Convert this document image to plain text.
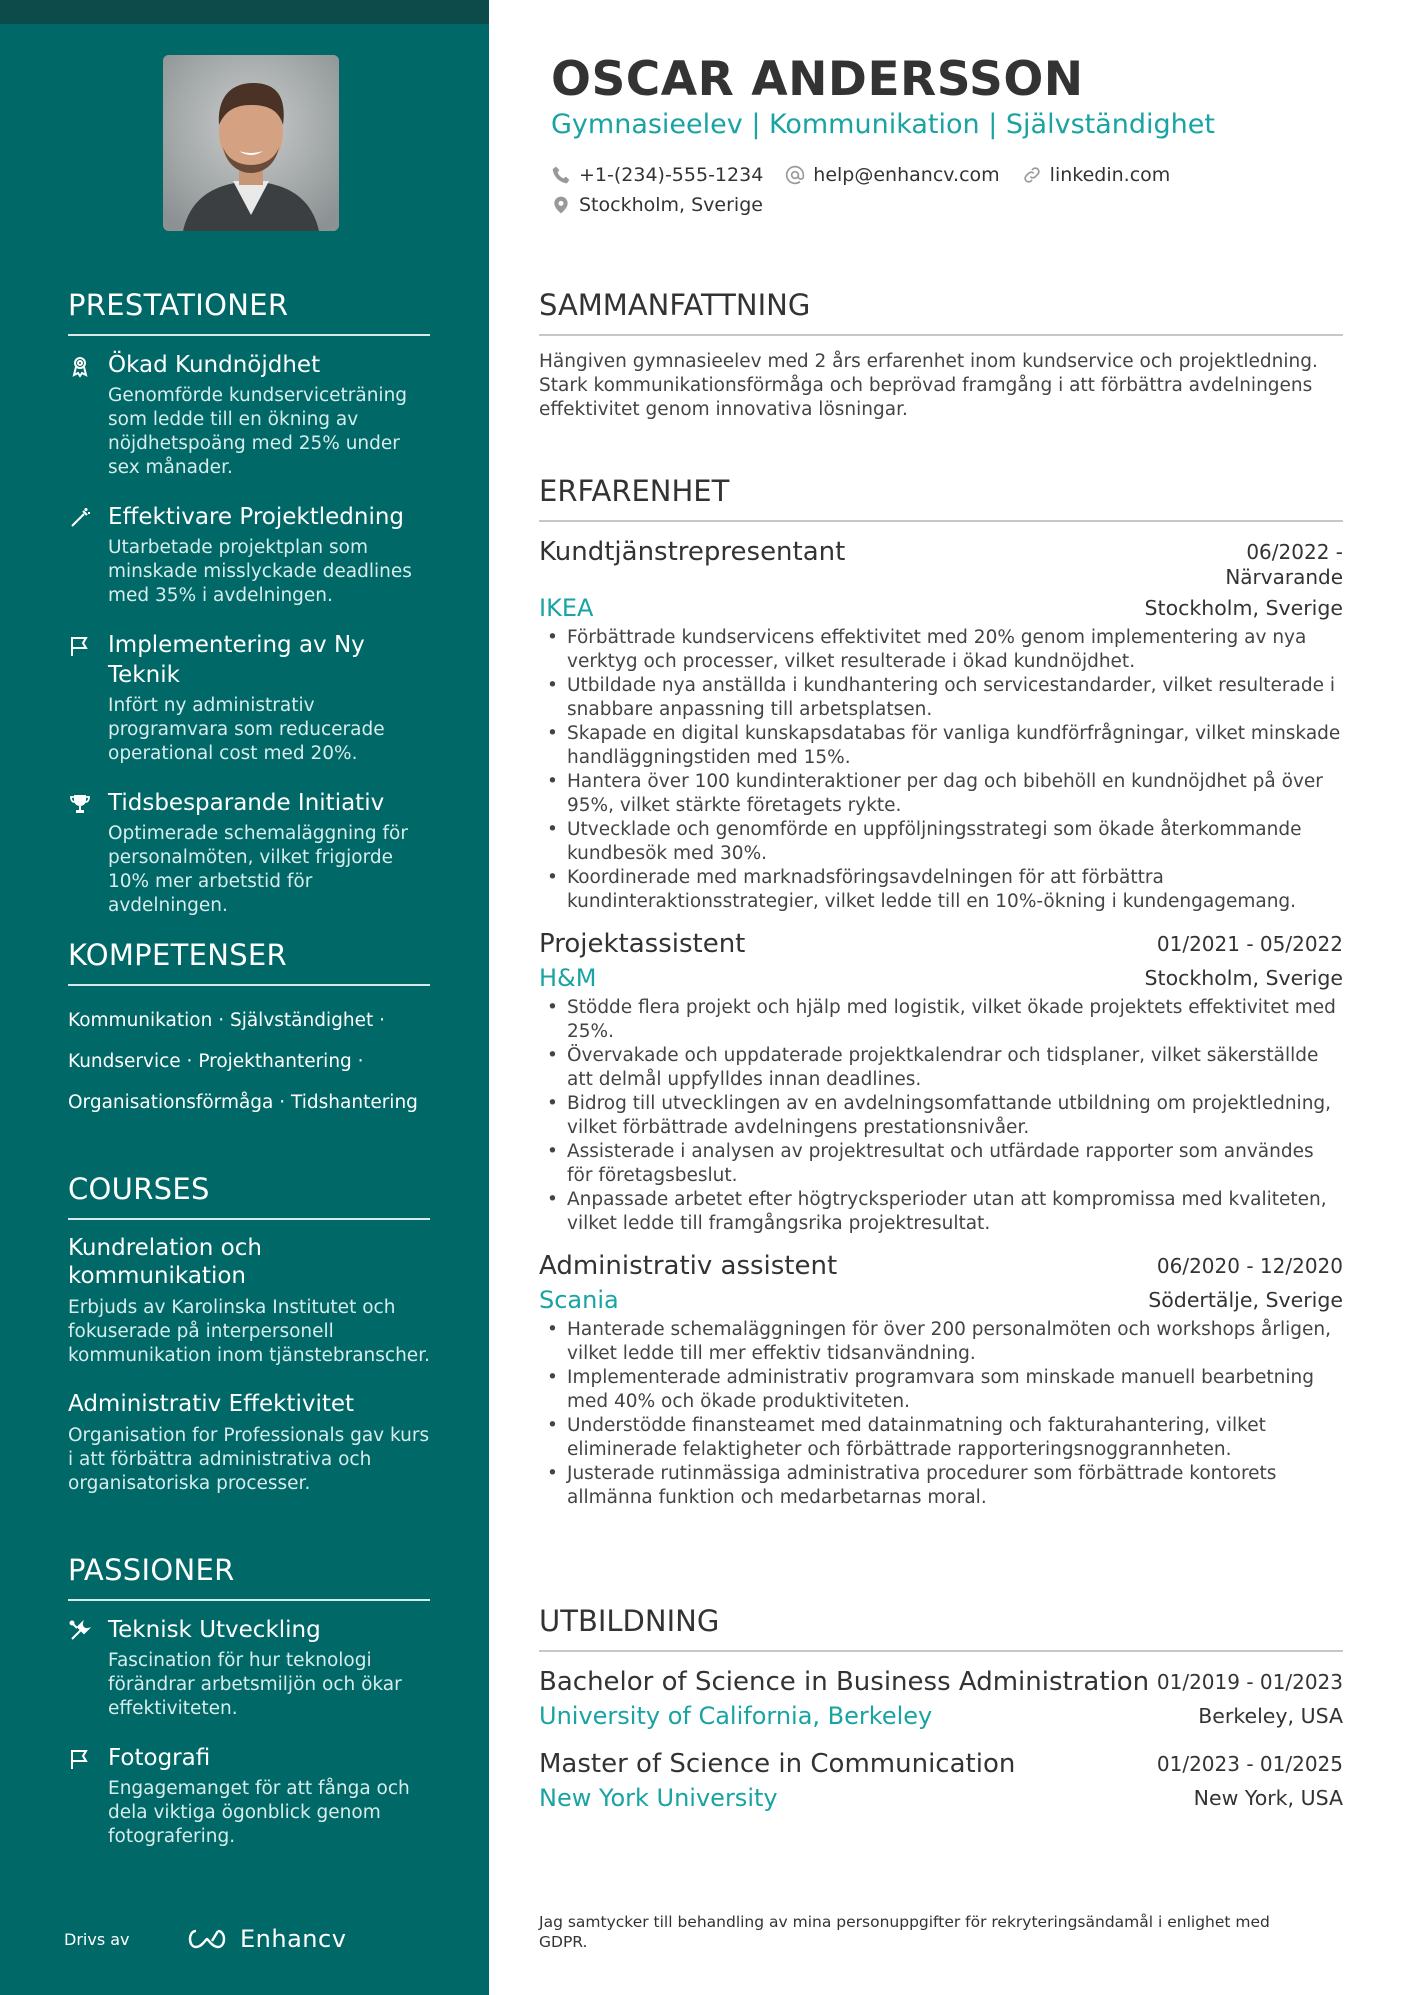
PRESTATIONER
Ökad Kundnöjdhet
Genomförde kundserviceträning som ledde till en ökning av nöjdhetspoäng med 25% under sex månader.
Effektivare Projektledning
Utarbetade projektplan som minskade misslyckade deadlines med 35% i avdelningen.
Implementering av Ny Teknik
Infört ny administrativ programvara som reducerade operational cost med 20%.
Tidsbesparande Initiativ
Optimerade schemaläggning för personalmöten, vilket frigjorde 10% mer arbetstid för avdelningen.
KOMPETENSER
Kommunikation · Självständighet ·
Kundservice · Projekthantering ·
Organisationsförmåga · Tidshantering
COURSES
Kundrelation och kommunikation
Erbjuds av Karolinska Institutet och fokuserade på interpersonell kommunikation inom tjänstebranscher.
Administrativ Effektivitet
Organisation for Professionals gav kurs i att förbättra administrativa och organisatoriska processer.
PASSIONER
Teknisk Utveckling
Fascination för hur teknologi förändrar arbetsmiljön och ökar effektiviteten.
Fotografi
Engagemanget för att fånga och dela viktiga ögonblick genom fotografering.
Drivs av	Enhancv
OSCAR ANDERSSON
Gymnasieelev | Kommunikation | Självständighet
+1-(234)-555-1234	help@enhancv.com	linkedin.com
Stockholm, Sverige
SAMMANFATTNING
Hängiven gymnasieelev med 2 års erfarenhet inom kundservice och projektledning. Stark kommunikationsförmåga och beprövad framgång i att förbättra avdelningens effektivitet genom innovativa lösningar.
ERFARENHET
Kundtjänstrepresentant	06/2022 -
Närvarande
IKEA	Stockholm, Sverige
• Förbättrade kundservicens effektivitet med 20% genom implementering av nya verktyg och processer, vilket resulterade i ökad kundnöjdhet.
• Utbildade nya anställda i kundhantering och servicestandarder, vilket resulterade i snabbare anpassning till arbetsplatsen.
• Skapade en digital kunskapsdatabas för vanliga kundförfrågningar, vilket minskade handläggningstiden med 15%.
• Hantera över 100 kundinteraktioner per dag och bibehöll en kundnöjdhet på över 95%, vilket stärkte företagets rykte.
• Utvecklade och genomförde en uppföljningsstrategi som ökade återkommande kundbesök med 30%.
• Koordinerade med marknadsföringsavdelningen för att förbättra kundinteraktionsstrategier, vilket ledde till en 10%-ökning i kundengagemang.
Projektassistent	01/2021 - 05/2022
H&M	Stockholm, Sverige
• Stödde flera projekt och hjälp med logistik, vilket ökade projektets effektivitet med 25%.
• Övervakade och uppdaterade projektkalendrar och tidsplaner, vilket säkerställde att delmål uppfylldes innan deadlines.
• Bidrog till utvecklingen av en avdelningsomfattande utbildning om projektledning, vilket förbättrade avdelningens prestationsnivåer.
• Assisterade i analysen av projektresultat och utfärdade rapporter som användes för företagsbeslut.
• Anpassade arbetet efter högtrycksperioder utan att kompromissa med kvaliteten, vilket ledde till framgångsrika projektresultat.
Administrativ assistent	06/2020 - 12/2020
Scania	Södertälje, Sverige
• Hanterade schemaläggningen för över 200 personalmöten och workshops årligen, vilket ledde till mer effektiv tidsanvändning.
• Implementerade administrativ programvara som minskade manuell bearbetning med 40% och ökade produktiviteten.
• Understödde finansteamet med datainmatning och fakturahantering, vilket eliminerade felaktigheter och förbättrade rapporteringsnoggrannheten.
• Justerade rutinmässiga administrativa procedurer som förbättrade kontorets allmänna funktion och medarbetarnas moral.
UTBILDNING
Bachelor of Science in Business Administration 01/2019 - 01/2023
University of California, Berkeley	Berkeley, USA
Master of Science in Communication	01/2023 - 01/2025
New York University	New York, USA
Jag samtycker till behandling av mina personuppgifter för rekryteringsändamål i enlighet med GDPR.
